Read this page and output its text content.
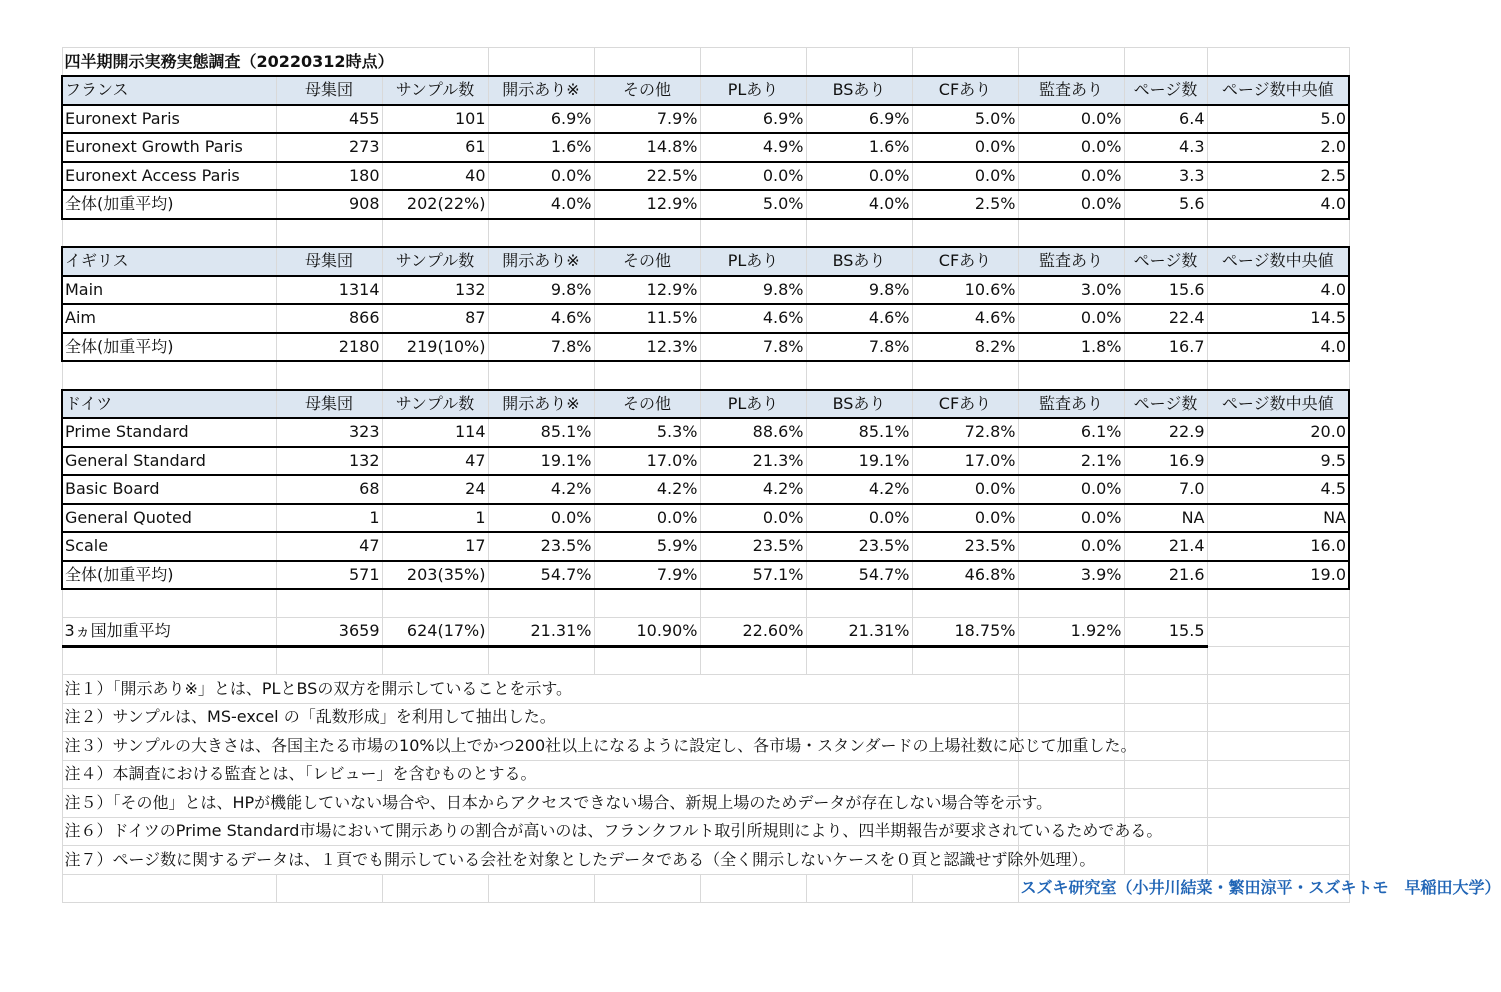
四半期開示実務実態調査（20220312時点）										
フランス	母集団	サンプル数	開示あり※	その他	PLあり	BSあり	CFあり	監査あり	ページ数	ページ数中央値
Euronext Paris	455	101	6.9%	7.9%	6.9%	6.9%	5.0%	0.0%	6.4	5.0
Euronext Growth Paris	273	61	1.6%	14.8%	4.9%	1.6%	0.0%	0.0%	4.3	2.0
Euronext Access Paris	180	40	0.0%	22.5%	0.0%	0.0%	0.0%	0.0%	3.3	2.5
全体(加重平均)	908	202(22%)	4.0%	12.9%	5.0%	4.0%	2.5%	0.0%	5.6	4.0

イギリス	母集団	サンプル数	開示あり※	その他	PLあり	BSあり	CFあり	監査あり	ページ数	ページ数中央値
Main	1314	132	9.8%	12.9%	9.8%	9.8%	10.6%	3.0%	15.6	4.0
Aim	866	87	4.6%	11.5%	4.6%	4.6%	4.6%	0.0%	22.4	14.5
全体(加重平均)	2180	219(10%)	7.8%	12.3%	7.8%	7.8%	8.2%	1.8%	16.7	4.0

ドイツ	母集団	サンプル数	開示あり※	その他	PLあり	BSあり	CFあり	監査あり	ページ数	ページ数中央値
Prime Standard	323	114	85.1%	5.3%	88.6%	85.1%	72.8%	6.1%	22.9	20.0
General Standard	132	47	19.1%	17.0%	21.3%	19.1%	17.0%	2.1%	16.9	9.5
Basic Board	68	24	4.2%	4.2%	4.2%	4.2%	0.0%	0.0%	7.0	4.5
General Quoted	1	1	0.0%	0.0%	0.0%	0.0%	0.0%	0.0%	NA	NA
Scale	47	17	23.5%	5.9%	23.5%	23.5%	23.5%	0.0%	21.4	16.0
全体(加重平均)	571	203(35%)	54.7%	7.9%	57.1%	54.7%	46.8%	3.9%	21.6	19.0

3ヵ国加重平均	3659	624(17%)	21.31%	10.90%	22.60%	21.31%	18.75%	1.92%	15.5	

注１）「開示あり※」とは、PLとBSの双方を開示していることを示す。										
注２）サンプルは、MS-excel の「乱数形成」を利用して抽出した。										
注３）サンプルの大きさは、各国主たる市場の10%以上でかつ200社以上になるように設定し、各市場・スタンダードの上場社数に応じて加重した。										
注４）本調査における監査とは、「レビュー」を含むものとする。										
注５）「その他」とは、HPが機能していない場合や、日本からアクセスできない場合、新規上場のためデータが存在しない場合等を示す。										
注６）ドイツのPrime Standard市場において開示ありの割合が高いのは、フランクフルト取引所規則により、四半期報告が要求されているためである。										
注７）ページ数に関するデータは、１頁でも開示している会社を対象としたデータである（全く開示しないケースを０頁と認識せず除外処理）。										
								スズキ研究室（小井川結菜・繁田涼平・スズキトモ　早稲田大学）		
